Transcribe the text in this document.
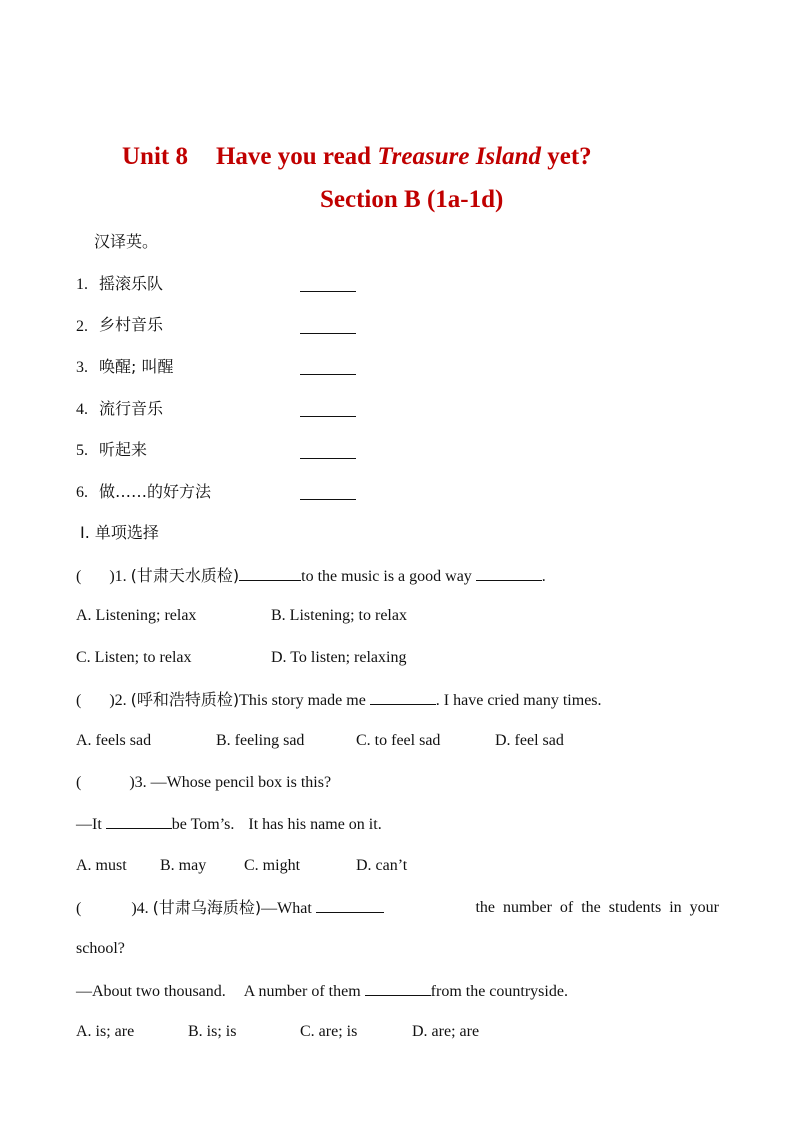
Unit 8 Have you read Treasure Island yet?
Section B (1a-1d)
汉译英。
1. 摇滚乐队
2. 乡村音乐
3. 唤醒; 叫醒
4. 流行音乐
5. 听起来
6. 做……的好方法
Ⅰ. 单项选择
( )1. (甘肃天水质检)	to the music is a good way	.
A. Listening; relax	B. Listening; to relax
C. Listen; to relax	D. To listen; relaxing
( )2. (呼和浩特质检)This story made me	. I have cried many times.
A. feels sad	B. feeling sad	C. to feel sad	D. feel sad
(	)3. —Whose pencil box is this?
—It	be Tom’s. It has his name on it.
A. must B. may C. might	D. can’t
(	)4. (甘肃乌海质检)—What	the number of the students in your
school?
—About two thousand. A number of them	from the countryside.
A. is; are	B. is; is	C. are; is	D. are; are
